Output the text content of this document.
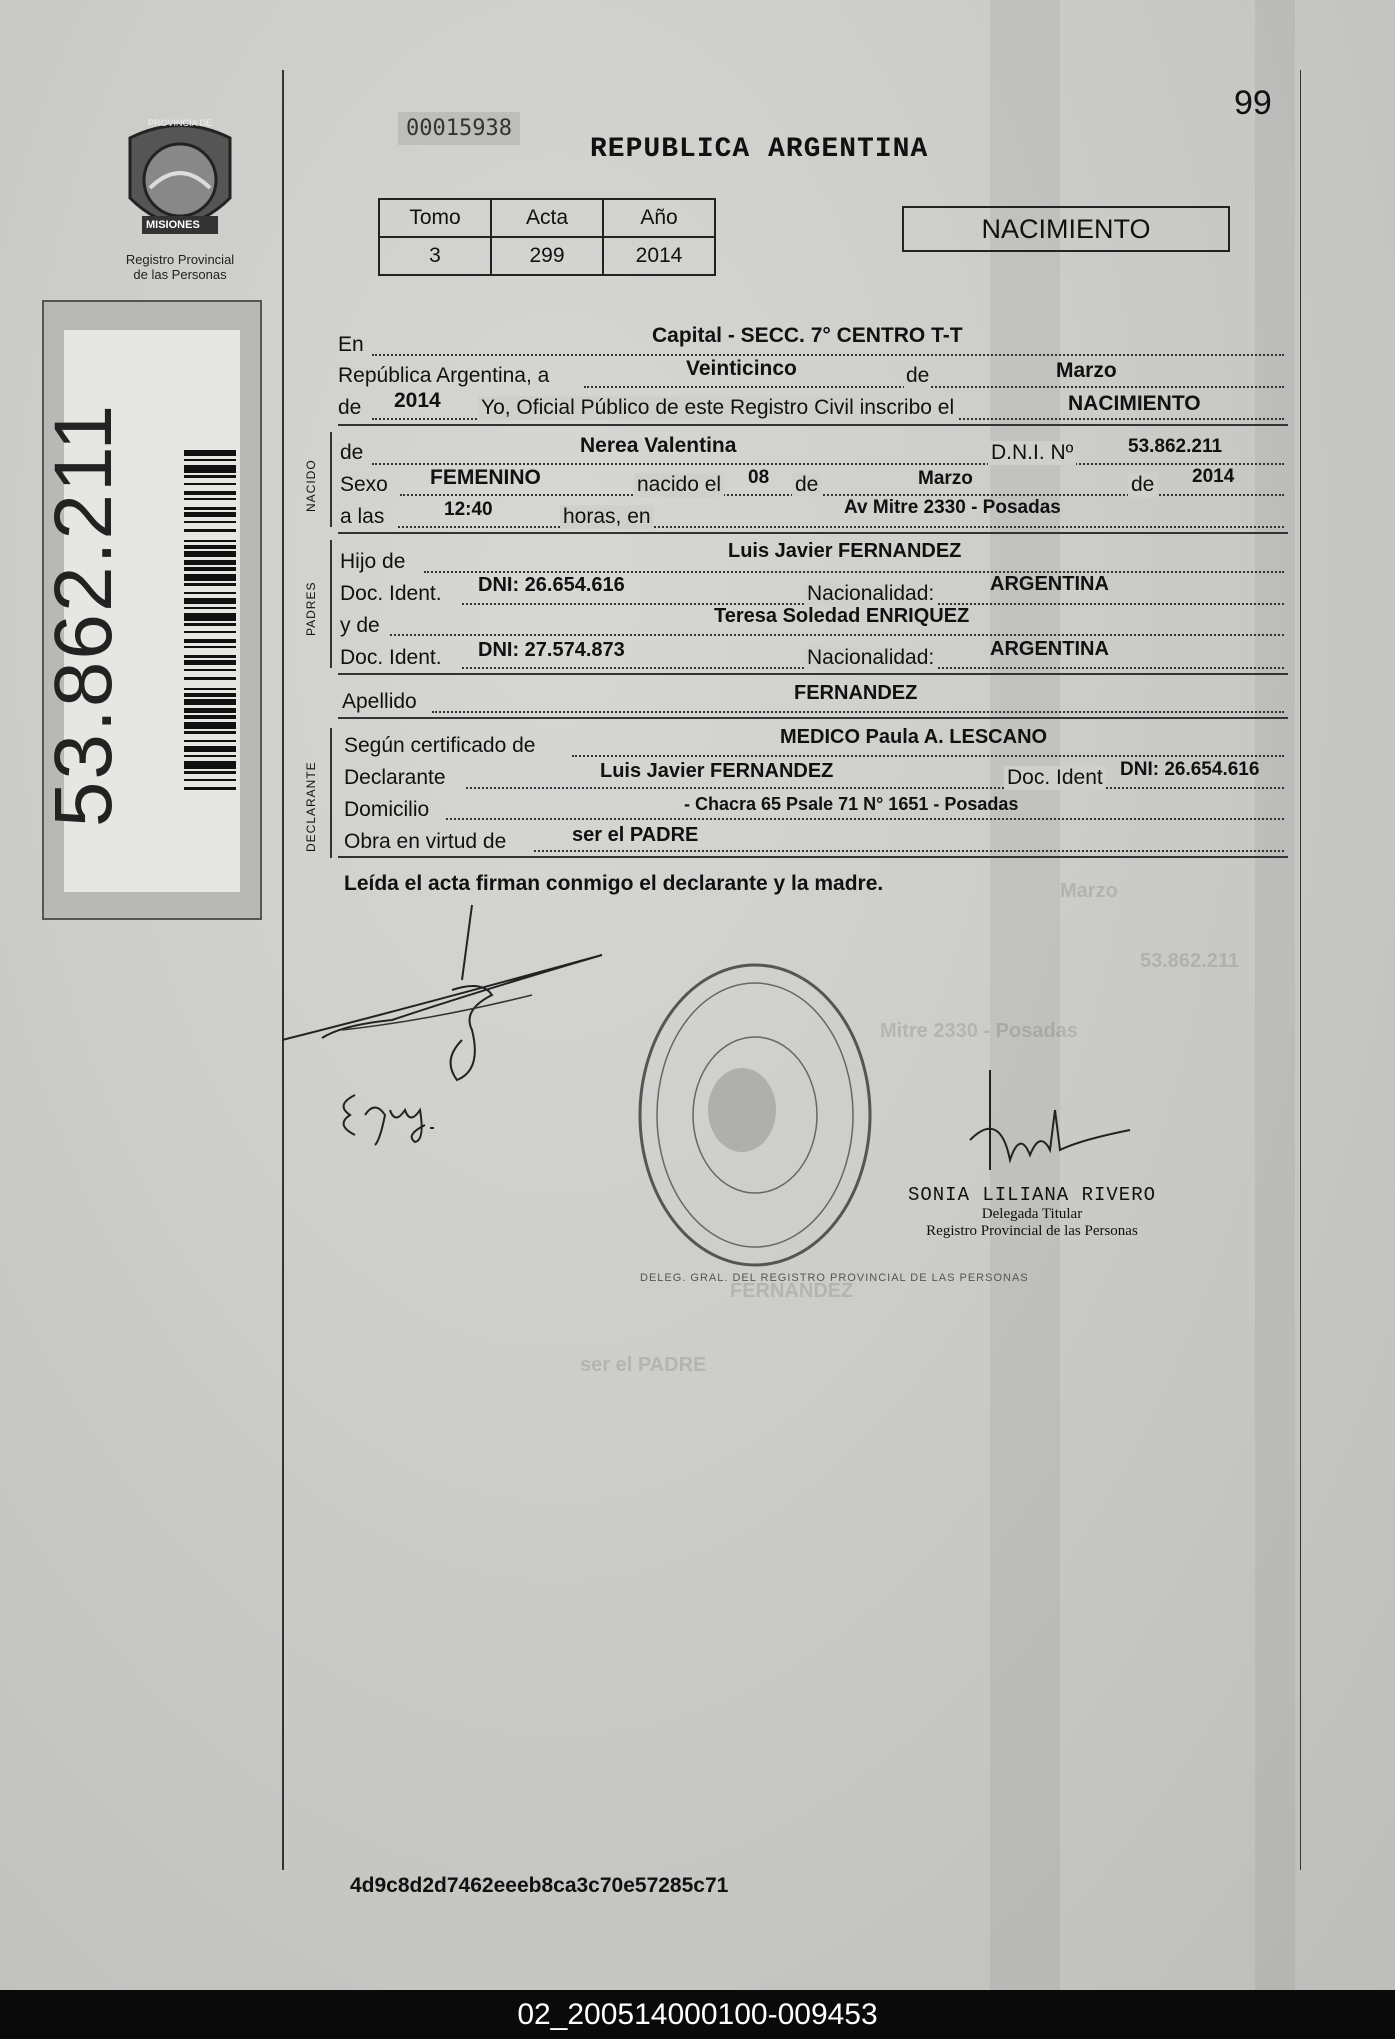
PROVINCIA DE
MISIONES
Registro Provincial
de las Personas
53.862.211
99
00015938
REPUBLICA ARGENTINA
Tomo	Acta	Año
3	299	2014
NACIMIENTO
En	Capital - SECC. 7° CENTRO T-T
República Argentina, a	Veinticinco	de	Marzo
de 2014 Yo, Oficial Público de este Registro Civil inscribo el	NACIMIENTO
NACIDO
de	Nerea Valentina	D.N.I. Nº	53.862.211
Sexo FEMENINO	nacido el 08 de	Marzo	de 2014
a las	12:40	horas, en	Av Mitre 2330 - Posadas
PADRES
Hijo de	Luis Javier FERNANDEZ
Doc. Ident. DNI: 26.654.616	Nacionalidad:	ARGENTINA
y de	Teresa Soledad ENRIQUEZ
Doc. Ident. DNI: 27.574.873	Nacionalidad:	ARGENTINA
Apellido	FERNANDEZ
DECLARANTE
Según certificado de	MEDICO Paula A. LESCANO
Declarante	Luis Javier FERNANDEZ	Doc. Ident DNI: 26.654.616
Domicilio	- Chacra 65 Psale 71 N° 1651 - Posadas
Obra en virtud de	ser el PADRE
Leída el acta firman conmigo el declarante y la madre.	Marzo
53.862.211
Mitre 2330 - Posadas
FERNANDEZ
ser el PADRE
DELEG. GRAL. DEL REGISTRO PROVINCIAL DE LAS PERSONAS
SONIA LILIANA RIVERO
Delegada Titular
Registro Provincial de las Personas
4d9c8d2d7462eeeb8ca3c70e57285c71
02_200514000100-009453
